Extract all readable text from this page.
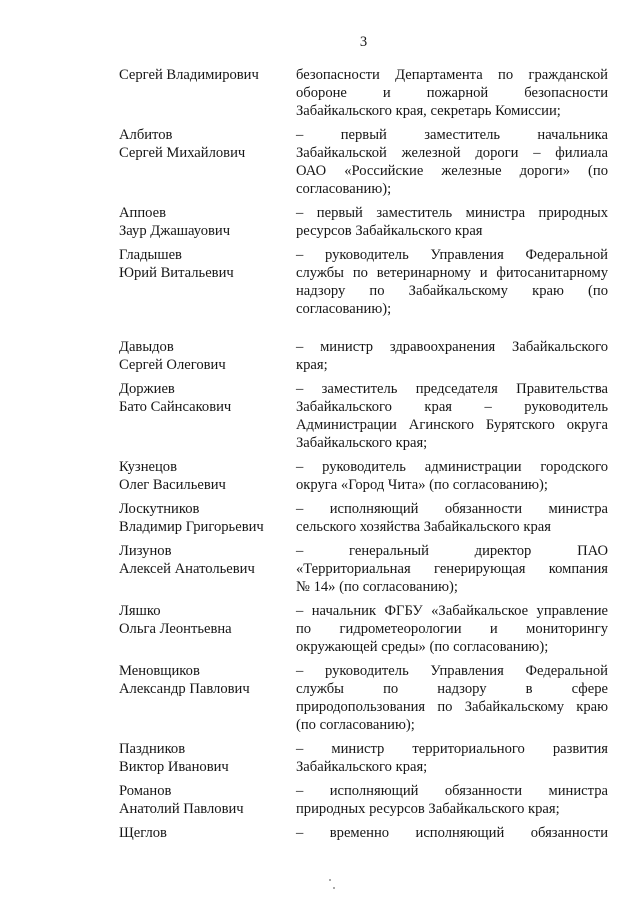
3
Сергей Владимирович	безопасности Департамента по гражданской
обороне и пожарной безопасности
Забайкальского края, секретарь Комиссии;
Албитов
Сергей Михайлович
– первый заместитель начальника
Забайкальской железной дороги – филиала
ОАО «Российские железные дороги» (по
согласованию);
Аппоев
Заур Джашауович
– первый заместитель министра природных
ресурсов Забайкальского края
Гладышев
Юрий Витальевич
– руководитель Управления Федеральной
службы по ветеринарному и фитосанитарному
надзору по Забайкальскому краю (по
согласованию);
Давыдов
Сергей Олегович
– министр здравоохранения Забайкальского
края;
Доржиев
Бато Сайнсакович
– заместитель председателя Правительства
Забайкальского края – руководитель
Администрации Агинского Бурятского округа
Забайкальского края;
Кузнецов
Олег Васильевич
– руководитель администрации городского
округа «Город Чита» (по согласованию);
Лоскутников
Владимир Григорьевич
– исполняющий обязанности министра
сельского хозяйства Забайкальского края
Лизунов
Алексей Анатольевич
– генеральный директор ПАО
«Территориальная генерирующая компания
№ 14» (по согласованию);
Ляшко
Ольга Леонтьевна
– начальник ФГБУ «Забайкальское управление
по гидрометеорологии и мониторингу
окружающей среды» (по согласованию);
Меновщиков
Александр Павлович
– руководитель Управления Федеральной
службы по надзору в сфере
природопользования по Забайкальскому краю
(по согласованию);
Паздников
Виктор Иванович
– министр территориального развития
Забайкальского края;
Романов
Анатолий Павлович
– исполняющий обязанности министра
природных ресурсов Забайкальского края;
Щеглов	– временно исполняющий обязанности
